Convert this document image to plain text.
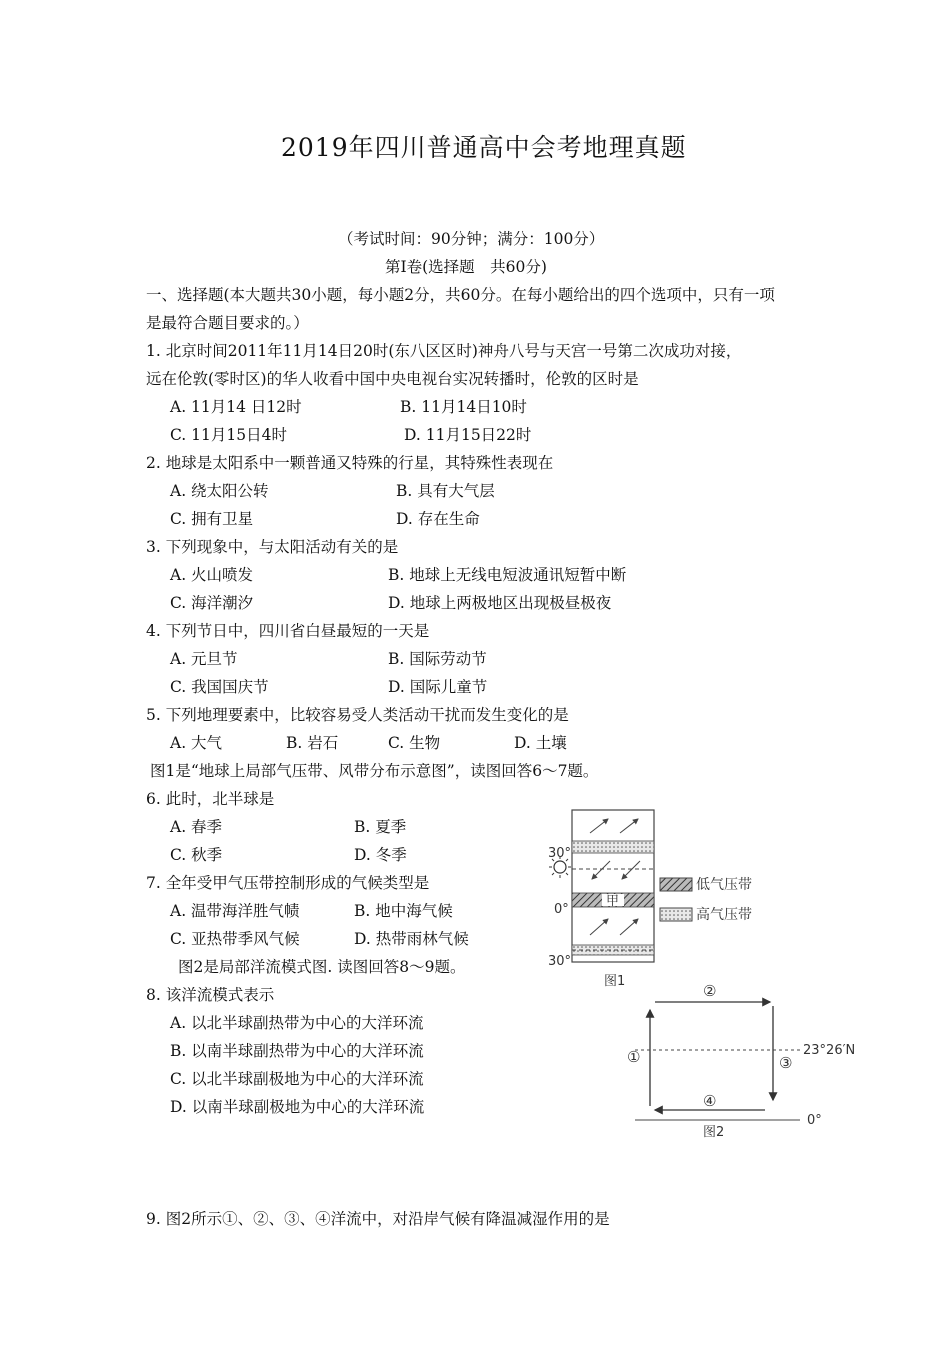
2019年四川普通高中会考地理真题
（考试时间：90分钟；满分：100分）
第Ⅰ卷(选择题　共60分)
一、选择题(本大题共30小题，每小题2分，共60分。在每小题给出的四个选项中，只有一项
是最符合题目要求的。）
1. 北京时间2011年11月14日20时(东八区区时)神舟八号与天宫一号第二次成功对接，
远在伦敦(零时区)的华人收看中国中央电视台实况转播时，伦敦的区时是
A. 11月14 日12时	B. 11月14日10时
C. 11月15日4时	D. 11月15日22时
2. 地球是太阳系中一颗普通又特殊的行星，其特殊性表现在
A. 绕太阳公转	B. 具有大气层
C. 拥有卫星	D. 存在生命
3. 下列现象中，与太阳活动有关的是
A. 火山喷发	B. 地球上无线电短波通讯短暂中断
C. 海洋潮汐	D. 地球上两极地区出现极昼极夜
4. 下列节日中，四川省白昼最短的一天是
A. 元旦节	B. 国际劳动节
C. 我国国庆节	D. 国际儿童节
5. 下列地理要素中，比较容易受人类活动干扰而发生变化的是
A. 大气	B. 岩石	C. 生物	D. 土壤
图1是“地球上局部气压带、风带分布示意图”，读图回答6～7题。
6. 此时，北半球是
A. 春季	B. 夏季
C. 秋季	D. 冬季
7. 全年受甲气压带控制形成的气候类型是
A. 温带海洋胜气帻	B. 地中海气候
C. 亚热带季风气候	D. 热带雨林气候
图2是局部洋流模式图. 读图回答8～9题。
8. 该洋流模式表示
A. 以北半球副热带为中心的大洋环流
B. 以南半球副热带为中心的大洋环流
C. 以北半球副极地为中心的大洋环流
D. 以南半球副极地为中心的大洋环流
9. 图2所示①、②、③、④洋流中，对沿岸气候有降温减湿作用的是
甲
30°
0°
30°
低气压带
高气压带
图1
②
①	③
④
23°26′N
0°
图2
